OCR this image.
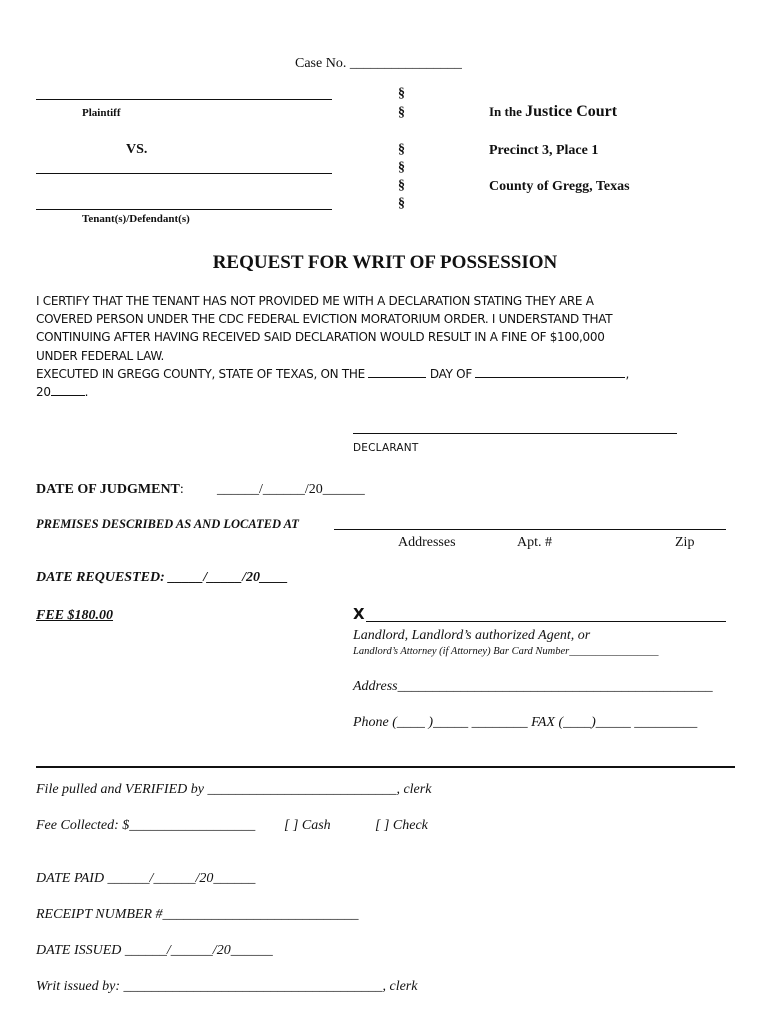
Case No. ________________
Plaintiff
VS.
Tenant(s)/Defendant(s)
§
§
§
§
§
§
In the Justice Court
Precinct 3, Place 1
County of Gregg, Texas
REQUEST FOR WRIT OF POSSESSION
I CERTIFY THAT THE TENANT HAS NOT PROVIDED ME WITH A DECLARATION STATING THEY ARE A
COVERED PERSON UNDER THE CDC FEDERAL EVICTION MORATORIUM ORDER. I UNDERSTAND THAT
CONTINUING AFTER HAVING RECEIVED SAID DECLARATION WOULD RESULT IN A FINE OF $100,000
UNDER FEDERAL LAW.
EXECUTED IN GREGG COUNTY, STATE OF TEXAS, ON THE	DAY OF	,
20	.
DECLARANT
DATE OF JUDGMENT: ______/______/20______
PREMISES DESCRIBED AS AND LOCATED AT
Addresses	Apt. #	Zip
DATE REQUESTED: _____/_____/20____
FEE $180.00	X
Landlord, Landlord’s authorized Agent, or
Landlord’s Attorney (if Attorney) Bar Card Number_________________
Address_____________________________________________
Phone (____ )_____ ________ FAX (____)_____ _________
File pulled and VERIFIED by ___________________________, clerk
Fee Collected: $__________________ [ ] Cash	[ ] Check
DATE PAID ______/______/20______
RECEIPT NUMBER #____________________________
DATE ISSUED ______/______/20______
Writ issued by: _____________________________________, clerk
